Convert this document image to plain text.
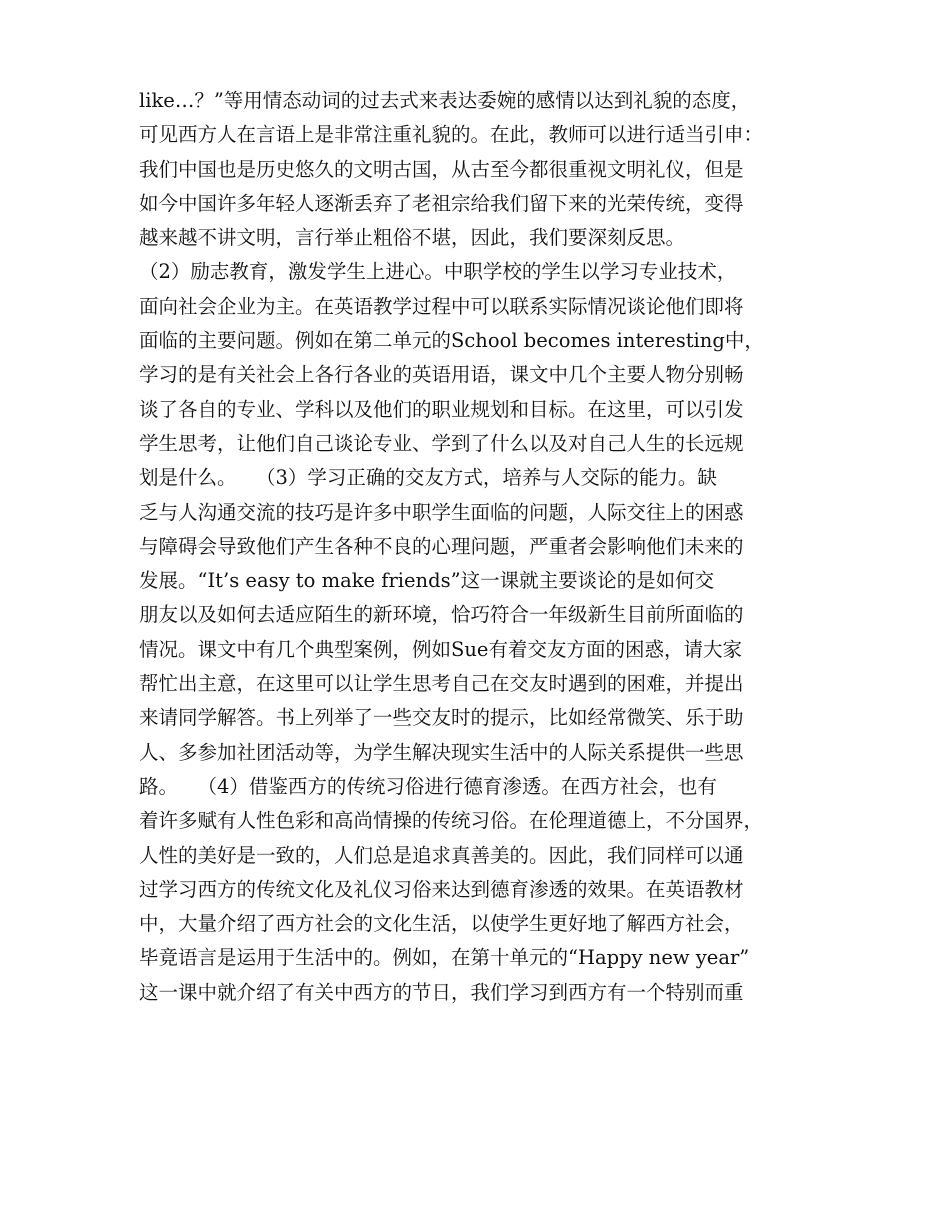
like…？”等用情态动词的过去式来表达委婉的感情以达到礼貌的态度，
可见西方人在言语上是非常注重礼貌的。在此，教师可以进行适当引申：
我们中国也是历史悠久的文明古国，从古至今都很重视文明礼仪，但是
如今中国许多年轻人逐渐丢弃了老祖宗给我们留下来的光荣传统，变得
越来越不讲文明，言行举止粗俗不堪，因此，我们要深刻反思。
（2）励志教育，激发学生上进心。中职学校的学生以学习专业技术，
面向社会企业为主。在英语教学过程中可以联系实际情况谈论他们即将
面临的主要问题。例如在第二单元的School becomes interesting中，
学习的是有关社会上各行各业的英语用语，课文中几个主要人物分别畅
谈了各自的专业、学科以及他们的职业规划和目标。在这里，可以引发
学生思考，让他们自己谈论专业、学到了什么以及对自己人生的长远规
划是什么。　　（3）学习正确的交友方式，培养与人交际的能力。缺
乏与人沟通交流的技巧是许多中职学生面临的问题，人际交往上的困惑
与障碍会导致他们产生各种不良的心理问题，严重者会影响他们未来的
发展。“It’s easy to make friends”这一课就主要谈论的是如何交
朋友以及如何去适应陌生的新环境，恰巧符合一年级新生目前所面临的
情况。课文中有几个典型案例，例如Sue有着交友方面的困惑，请大家
帮忙出主意，在这里可以让学生思考自己在交友时遇到的困难，并提出
来请同学解答。书上列举了一些交友时的提示，比如经常微笑、乐于助
人、多参加社团活动等，为学生解决现实生活中的人际关系提供一些思
路。　　（4）借鉴西方的传统习俗进行德育渗透。在西方社会，也有
着许多赋有人性色彩和高尚情操的传统习俗。在伦理道德上，不分国界，
人性的美好是一致的，人们总是追求真善美的。因此，我们同样可以通
过学习西方的传统文化及礼仪习俗来达到德育渗透的效果。在英语教材
中，大量介绍了西方社会的文化生活，以使学生更好地了解西方社会，
毕竟语言是运用于生活中的。例如，在第十单元的“Happy new year”
这一课中就介绍了有关中西方的节日，我们学习到西方有一个特别而重
